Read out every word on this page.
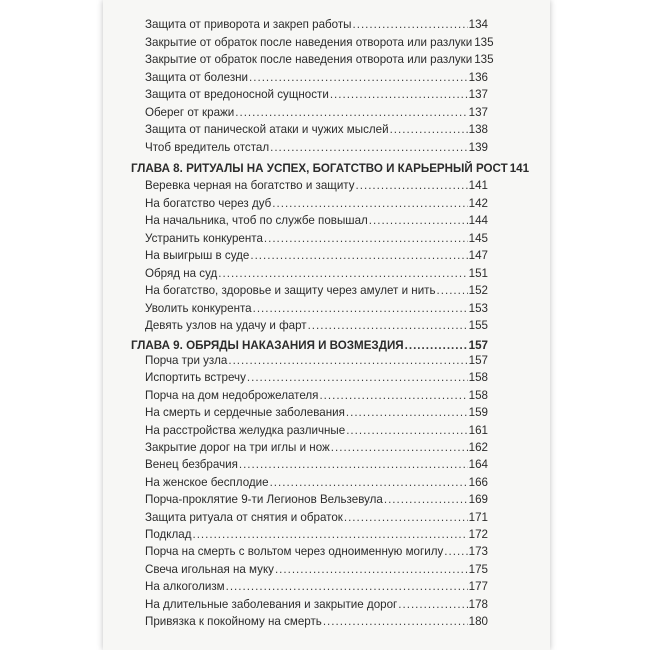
Защита от приворота и закреп работы .....	134
Закрытие от обраток после наведения отворота или разлуки 135
Закрытие от обраток после наведения отворота или разлуки 135
Защита от болезни .....	136
Защита от вредоносной сущности .....	137
Оберег от кражи .....	137
Защита от панической атаки и чужих мыслей .....	138
Чтоб вредитель отстал .....	139
ГЛАВА 8. РИТУАЛЫ НА УСПЕХ, БОГАТСТВО И КАРЬЕРНЫЙ РОСТ 141
Веревка черная на богатство и защиту .....	141
На богатство через дуб .....	142
На начальника, чтоб по службе повышал .....	144
Устранить конкурента .....	145
На выигрыш в суде .....	147
Обряд на суд .....	151
На богатство, здоровье и защиту через амулет и нить .....	152
Уволить конкурента .....	153
Девять узлов на удачу и фарт .....	155
ГЛАВА 9. ОБРЯДЫ НАКАЗАНИЯ И ВОЗМЕЗДИЯ .....	157
Порча три узла .....	157
Испортить встречу .....	158
Порча на дом недоброжелателя .....	158
На смерть и сердечные заболевания .....	159
На расстройства желудка различные .....	161
Закрытие дорог на три иглы и нож .....	162
Венец безбрачия .....	164
На женское бесплодие .....	166
Порча-проклятие 9-ти Легионов Вельзевула .....	169
Защита ритуала от снятия и обраток .....	171
Подклад .....	172
Порча на смерть с вольтом через одноименную могилу ..... 173
Свеча игольная на муку .....	175
На алкоголизм .....	177
На длительные заболевания и закрытие дорог .....	178
Привязка к покойному на смерть .....	180
